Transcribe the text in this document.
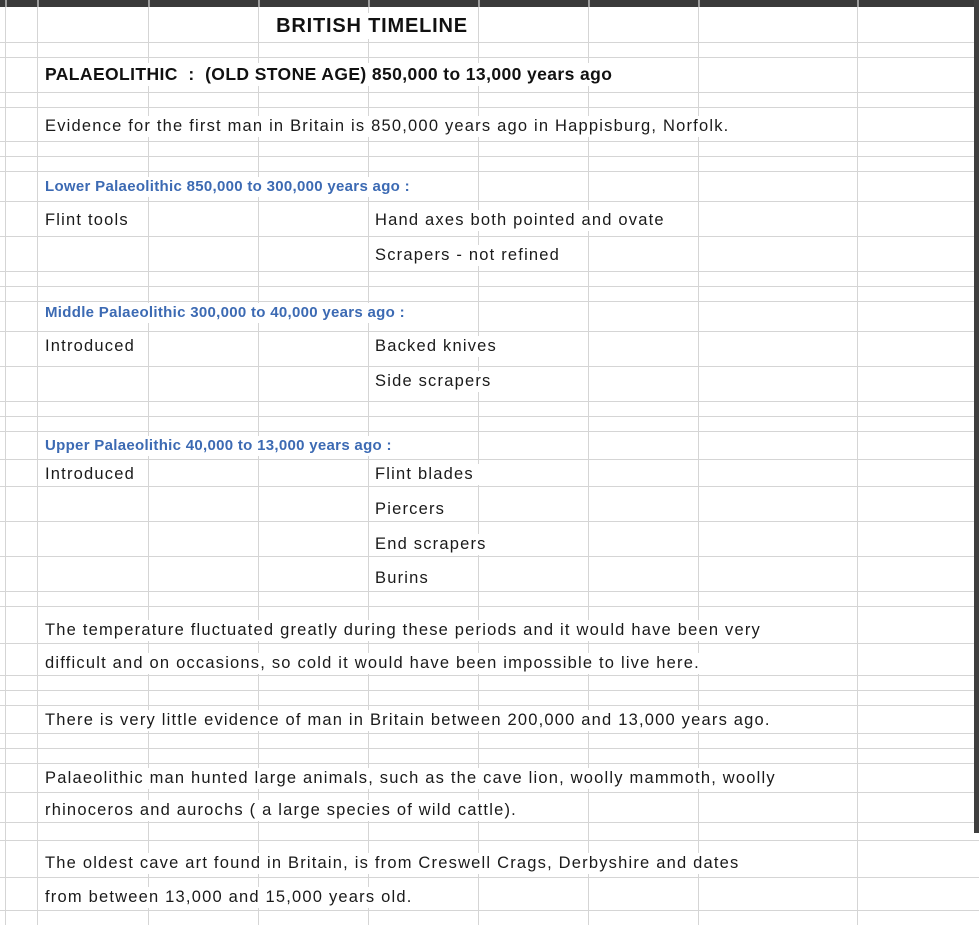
BRITISH TIMELINE
PALAEOLITHIC  :  (OLD STONE AGE) 850,000 to 13,000 years ago
Evidence for the first man in Britain is 850,000 years ago in Happisburg, Norfolk.
Lower Palaeolithic 850,000 to 300,000 years ago :
Flint tools	Hand axes both pointed and ovate
Scrapers - not refined
Middle Palaeolithic 300,000 to 40,000 years ago :
Introduced	Backed knives
Side scrapers
Upper Palaeolithic 40,000 to 13,000 years ago :
Introduced	Flint blades
Piercers
End scrapers
Burins
The temperature fluctuated greatly during these periods and it would have been very
difficult and on occasions, so cold it would have been impossible to live here.
There is very little evidence of man in Britain between 200,000 and 13,000 years ago.
Palaeolithic man hunted large animals, such as the cave lion, woolly mammoth, woolly
rhinoceros and aurochs ( a large species of wild cattle).
The oldest cave art found in Britain, is from Creswell Crags, Derbyshire and dates
from between 13,000 and 15,000 years old.
